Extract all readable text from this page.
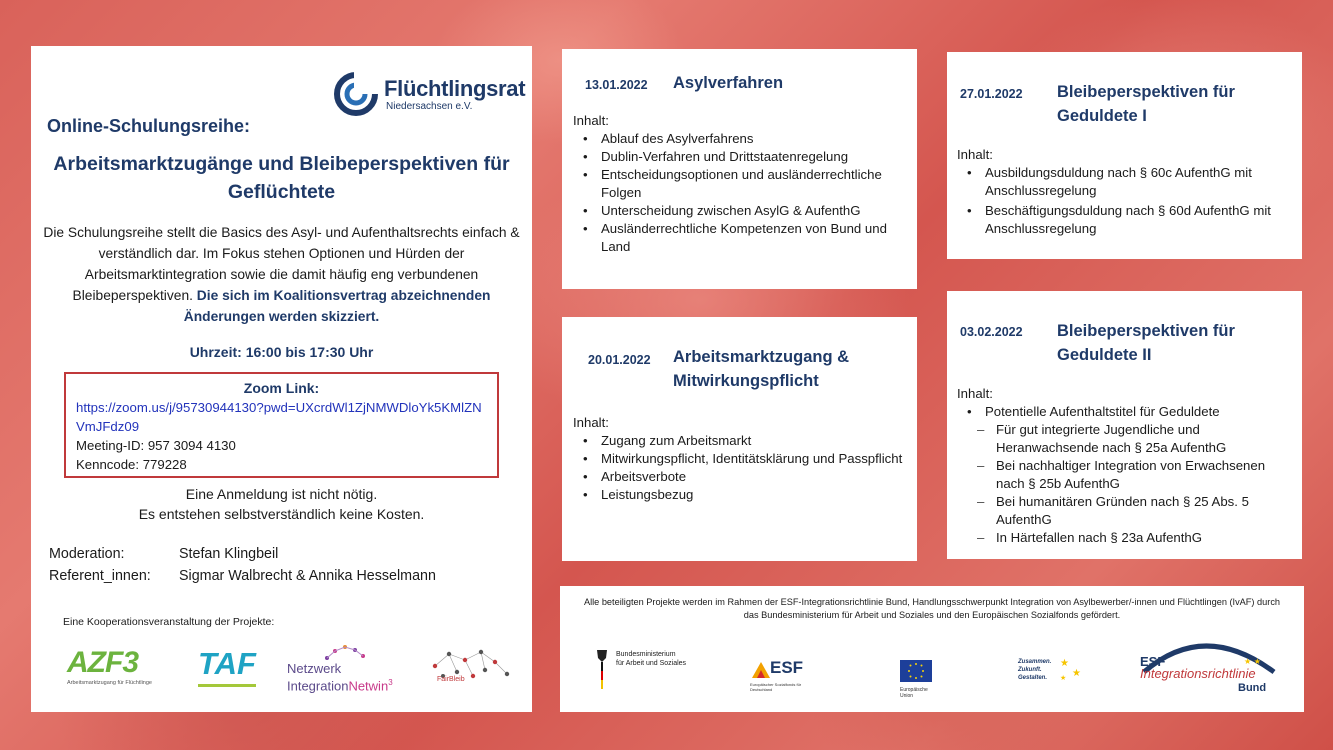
Flüchtlingsrat
Niedersachsen e.V.
Online-Schulungsreihe:
Arbeitsmarktzugänge und Bleibeperspektiven für Geflüchtete
Die Schulungsreihe stellt die Basics des Asyl- und Aufenthaltsrechts einfach & verständlich dar. Im Fokus stehen Optionen und Hürden der Arbeitsmarktintegration sowie die damit häufig eng verbundenen Bleibeperspektiven. Die sich im Koalitionsvertrag abzeichnenden Änderungen werden skizziert.
Uhrzeit: 16:00 bis 17:30 Uhr
Zoom Link:
https://zoom.us/j/95730944130?pwd=UXcrdWl1ZjNMWDloYk5KMlZNVmJFdz09
Meeting-ID: 957 3094 4130
Kenncode: 779228
Eine Anmeldung ist nicht nötig.
Es entstehen selbstverständlich keine Kosten.
Moderation:	Stefan Klingbeil
Referent_innen:	Sigmar Walbrecht & Annika Hesselmann
Eine Kooperationsveranstaltung der Projekte:
AZF3
Arbeitsmarktzugang für Flüchtlinge
TAF	Netzwerk
IntegrationNetwin$^3$	FairBleib
13.01.2022 Asylverfahren
Inhalt:
• Ablauf des Asylverfahrens
• Dublin-Verfahren und Drittstaatenregelung
• Entscheidungsoptionen und ausländerrechtliche Folgen
• Unterscheidung zwischen AsylG & AufenthG
• Ausländerrechtliche Kompetenzen von Bund und Land
20.01.2022 Arbeitsmarktzugang & Mitwirkungspflicht
Inhalt:
• Zugang zum Arbeitsmarkt
• Mitwirkungspflicht, Identitätsklärung und Passpflicht
• Arbeitsverbote
• Leistungsbezug
27.01.2022 Bleibeperspektiven für Geduldete I
Inhalt:
• Ausbildungsduldung nach § 60c AufenthG mit Anschlussregelung
• Beschäftigungsduldung nach § 60d AufenthG mit Anschlussregelung
03.02.2022 Bleibeperspektiven für Geduldete II
Inhalt:
• Potentielle Aufenthaltstitel für Geduldete
– Für gut integrierte Jugendliche und Heranwachsende nach § 25a AufenthG
– Bei nachhaltiger Integration von Erwachsenen nach § 25b AufenthG
– Bei humanitären Gründen nach § 25 Abs. 5 AufenthG
– In Härtefallen nach § 23a AufenthG
Alle beteiligten Projekte werden im Rahmen der ESF-Integrationsrichtlinie Bund, Handlungsschwerpunkt Integration von Asylbewerber/-innen und Flüchtlingen (IvAF) durch das Bundesministerium für Arbeit und Soziales und den Europäischen Sozialfonds gefördert.
Bundesministerium
für Arbeit und Soziales	ESF
Europäischer Sozialfonds für Deutschland	Europäische
Union
Zusammen.
Zukunft.
Gestalten.
★
★
★
★ ★
ESF
Integrationsrichtlinie
Bund
